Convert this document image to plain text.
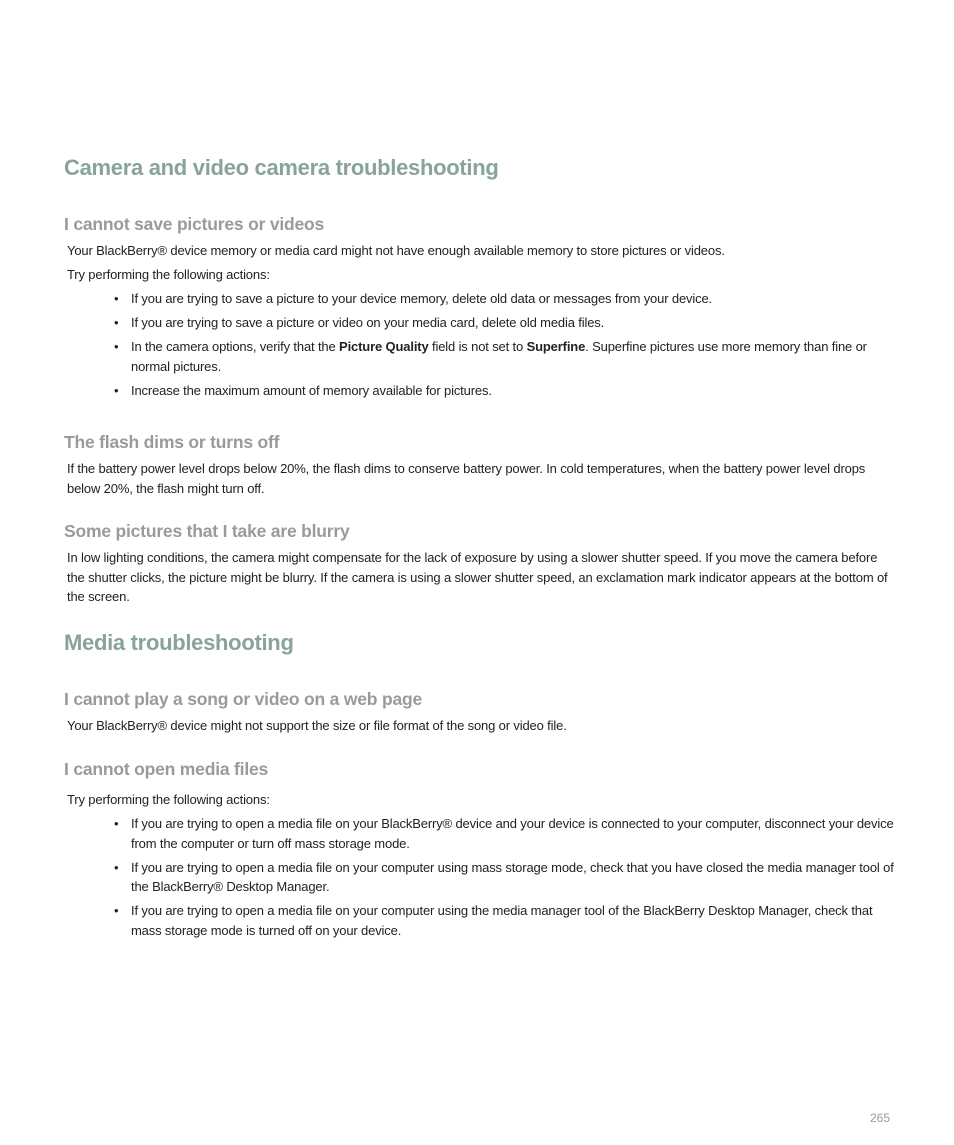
Camera and video camera troubleshooting
I cannot save pictures or videos

Your BlackBerry® device memory or media card might not have enough available memory to store pictures or videos.

Try performing the following actions:

• If you are trying to save a picture to your device memory, delete old data or messages from your device.
• If you are trying to save a picture or video on your media card, delete old media files.
• In the camera options, verify that the Picture Quality field is not set to Superfine. Superfine pictures use more memory than fine or normal pictures.
• Increase the maximum amount of memory available for pictures.
The flash dims or turns off

If the battery power level drops below 20%, the flash dims to conserve battery power. In cold temperatures, when the battery power level drops below 20%, the flash might turn off.

Some pictures that I take are blurry

In low lighting conditions, the camera might compensate for the lack of exposure by using a slower shutter speed. If you move the camera before the shutter clicks, the picture might be blurry. If the camera is using a slower shutter speed, an exclamation mark indicator appears at the bottom of the screen.

Media troubleshooting
I cannot play a song or video on a web page

Your BlackBerry® device might not support the size or file format of the song or video file.

I cannot open media files

Try performing the following actions:

• If you are trying to open a media file on your BlackBerry® device and your device is connected to your computer, disconnect your device from the computer or turn off mass storage mode.
• If you are trying to open a media file on your computer using mass storage mode, check that you have closed the media manager tool of the BlackBerry® Desktop Manager.
• If you are trying to open a media file on your computer using the media manager tool of the BlackBerry Desktop Manager, check that mass storage mode is turned off on your device.
265
